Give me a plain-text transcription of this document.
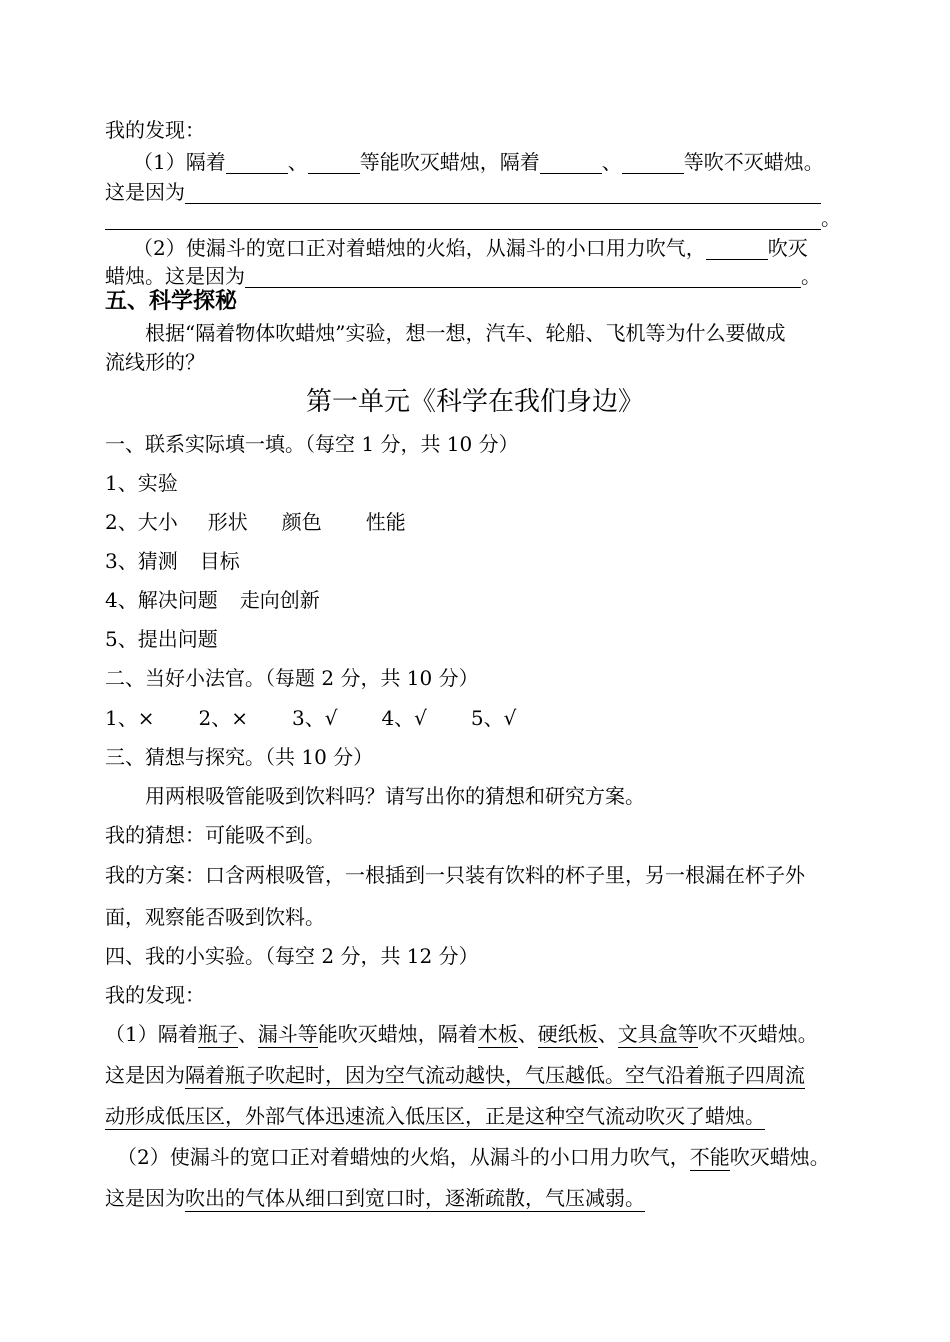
我的发现：
（1）隔着	、	等能吹灭蜡烛，隔着	、	等吹不灭蜡烛。
这是因为
。
（2）使漏斗的宽口正对着蜡烛的火焰，从漏斗的小口用力吹气，	吹灭
蜡烛。这是因为	。
五、科学探秘
根据“隔着物体吹蜡烛”实验，想一想，汽车、轮船、飞机等为什么要做成
流线形的？
第一单元《科学在我们身边》
一、联系实际填一填。（每空 1 分，共 10 分）
1、实验
2、大小 形状 颜色 性能
3、猜测 目标
4、解决问题 走向创新
5、提出问题
二、当好小法官。（每题 2 分，共 10 分）
1、× 2、× 3、√ 4、√ 5、√
三、猜想与探究。（共 10 分）
用两根吸管能吸到饮料吗？请写出你的猜想和研究方案。
我的猜想：可能吸不到。
我的方案：口含两根吸管，一根插到一只装有饮料的杯子里，另一根漏在杯子外
面，观察能否吸到饮料。
四、我的小实验。（每空 2 分，共 12 分）
我的发现：
（1）隔着瓶子、漏斗等能吹灭蜡烛，隔着木板、硬纸板、文具盒等吹不灭蜡烛。
这是因为隔着瓶子吹起时，因为空气流动越快，气压越低。空气沿着瓶子四周流
动形成低压区，外部气体迅速流入低压区，正是这种空气流动吹灭了蜡烛。
（2）使漏斗的宽口正对着蜡烛的火焰，从漏斗的小口用力吹气，不能吹灭蜡烛。
这是因为吹出的气体从细口到宽口时，逐渐疏散，气压减弱。
